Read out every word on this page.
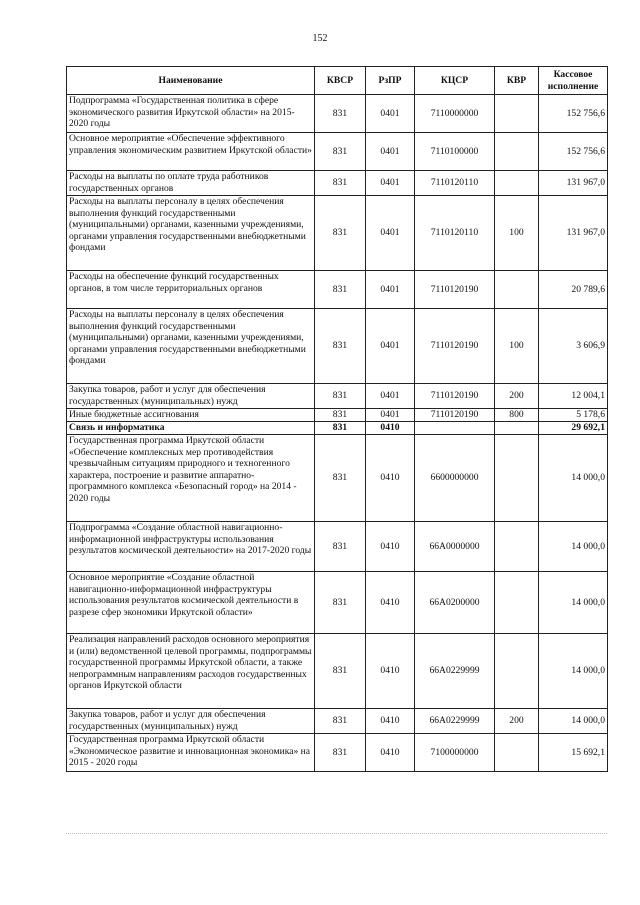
152
Наименование	КВСР	РзПР	КЦСР	КВР	Кассовое исполнение
Подпрограмма «Государственная политика в сфере экономического развития Иркутской области» на 2015-2020 годы	831	0401	7110000000		152 756,6
Основное мероприятие «Обеспечение эффективного управления экономическим развитием Иркутской области»	831	0401	7110100000		152 756,6
Расходы на выплаты по оплате труда работников государственных органов	831	0401	7110120110		131 967,0
Расходы на выплаты персоналу в целях обеспечения выполнения функций государственными (муниципальными) органами, казенными учреждениями, органами управления государственными внебюджетными фондами	831	0401	7110120110	100	131 967,0
Расходы на обеспечение функций государственных органов, в том числе территориальных органов	831	0401	7110120190		20 789,6
Расходы на выплаты персоналу в целях обеспечения выполнения функций государственными (муниципальными) органами, казенными учреждениями, органами управления государственными внебюджетными фондами	831	0401	7110120190	100	3 606,9
Закупка товаров, работ и услуг для обеспечения государственных (муниципальных) нужд	831	0401	7110120190	200	12 004,1
Иные бюджетные ассигнования	831	0401	7110120190	800	5 178,6
Связь и информатика	831	0410			29 692,1
Государственная программа Иркутской области «Обеспечение комплексных мер противодействия чрезвычайным ситуациям природного и техногенного характера, построение и развитие аппаратно-программного комплекса «Безопасный город» на 2014 - 2020 годы	831	0410	6600000000		14 000,0
Подпрограмма «Создание областной навигационно-информационной инфраструктуры использования результатов космической деятельности» на 2017-2020 годы	831	0410	66А0000000		14 000,0
Основное мероприятие «Создание областной навигационно-информационной инфраструктуры использования результатов космической деятельности в разрезе сфер экономики Иркутской области»	831	0410	66А0200000		14 000,0
Реализация направлений расходов основного мероприятия и (или) ведомственной целевой программы, подпрограммы государственной программы Иркутской области, а также непрограммным направлениям расходов государственных органов Иркутской области	831	0410	66А0229999		14 000,0
Закупка товаров, работ и услуг для обеспечения государственных (муниципальных) нужд	831	0410	66А0229999	200	14 000,0
Государственная программа Иркутской области «Экономическое развитие и инновационная экономика» на 2015 - 2020 годы	831	0410	7100000000		15 692,1
